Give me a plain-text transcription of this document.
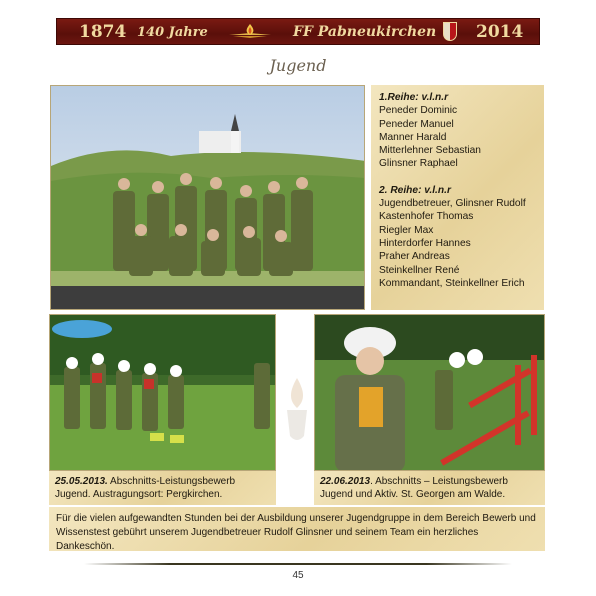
1874 140 Jahre	FF Pabneukirchen 2014
Jugend
1.Reihe: v.l.n.r
Peneder Dominic
Peneder Manuel
Manner Harald
Mitterlehner Sebastian
Glinsner Raphael
2. Reihe: v.l.n.r
Jugendbetreuer, Glinsner Rudolf
Kastenhofer Thomas
Riegler Max
Hinterdorfer Hannes
Praher Andreas
Steinkellner René
Kommandant, Steinkellner Erich
25.05.2013. Abschnitts-Leistungsbewerb Jugend. Austragungsort: Pergkirchen.
22.06.2013. Abschnitts – Leistungsbewerb Jugend und Aktiv. St. Georgen am Walde.
Für die vielen aufgewandten Stunden bei der Ausbildung unserer Jugendgruppe in dem Bereich Bewerb und Wissenstest gebührt unserem Jugendbetreuer Rudolf Glinsner und seinem Team ein herzliches Dankeschön.
45
